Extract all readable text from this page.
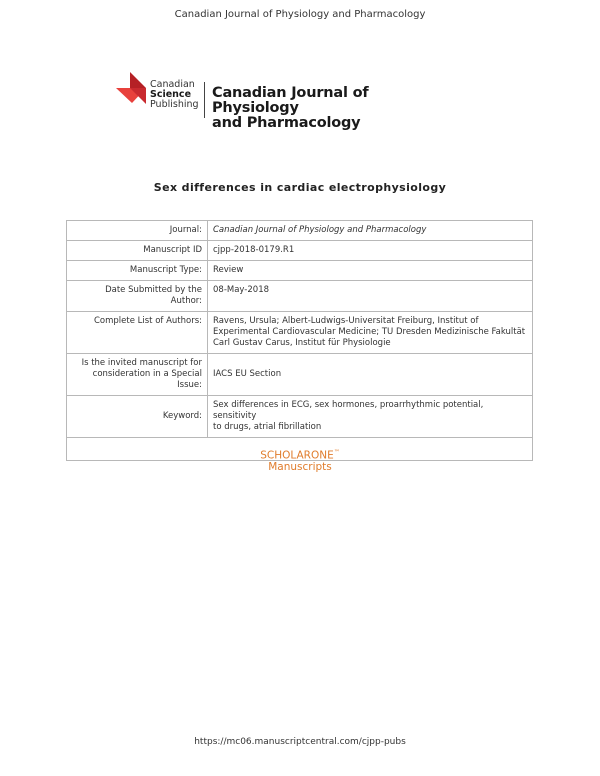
Canadian Journal of Physiology and Pharmacology
Canadian
Science
Publishing
Canadian Journal of Physiology
and Pharmacology
Sex differences in cardiac electrophysiology
Journal:	Canadian Journal of Physiology and Pharmacology
Manuscript ID	cjpp-2018-0179.R1
Manuscript Type:	Review
Date Submitted by the Author:	08-May-2018
Complete List of Authors:	Ravens, Ursula; Albert-Ludwigs-Universitat Freiburg, Institut of
Experimental Cardiovascular Medicine; TU Dresden Medizinische Fakultät
Carl Gustav Carus, Institut für Physiologie

Is the invited manuscript for
consideration in a Special
Issue:	IACS EU Section
Keyword:	Sex differences in ECG, sex hormones, proarrhythmic potential, sensitivity
to drugs, atrial fibrillation

SCHOLARONE™
Manuscripts
https://mc06.manuscriptcentral.com/cjpp-pubs
